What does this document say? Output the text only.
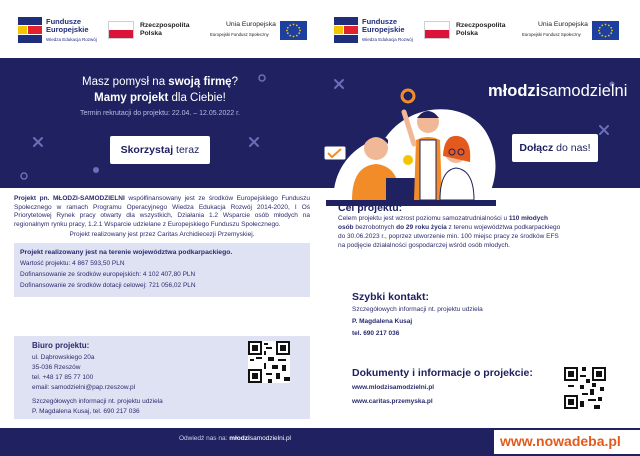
Fundusze Europejskie
Wiedza Edukacja Rozwój
Rzeczpospolita Polska
Unia Europejska
Europejski Fundusz Społeczny
Fundusze Europejskie
Wiedza Edukacja Rozwój
Rzeczpospolita Polska
Unia Europejska
Europejski Fundusz Społeczny
Masz pomysł na swoją firmę?
Mamy projekt dla Ciebie!
Termin rekrutacji do projektu: 22.04. – 12.05.2022 r.
Skorzystaj teraz
młodzisamodzielni
Dołącz do nas!
Projekt pn. MŁODZI-SAMODZIELNI współfinansowany jest ze środków Europejskiego Funduszu Społecznego w ramach Programu Operacyjnego Wiedza Edukacja Rozwój 2014-2020, I Oś Priorytetowej Rynek pracy otwarty dla wszystkich, Działania 1.2 Wsparcie osób młodych na regionalnym rynku pracy, 1.2.1 Wsparcie udzielane z Europejskiego Funduszu Społecznego.
Projekt realizowany jest przez Caritas Archidiecezji Przemyskiej.
Projekt realizowany jest na terenie województwa podkarpackiego.
Wartość projektu: 4 867 593,50 PLN
Dofinansowanie ze środków europejskich: 4 102 407,80 PLN
Dofinansowanie ze środków dotacji celowej: 721 056,02 PLN
Biuro projektu:
ul. Dąbrowskiego 20a
35-036 Rzeszów
tel. +48 17 85 77 100
email: samodzielni@pap.rzeszow.pl
Szczegółowych informacji nt. projektu udziela
P. Magdalena Kusaj, tel. 690 217 036
Cel projektu:
Celem projektu jest wzrost poziomu samozatrudnialności u 110 młodych
osób bezrobotnych do 29 roku życia z terenu województwa podkarpackiego
do 30.06.2023 r., poprzez utworzenie min. 100 miejsc pracy ze środków EFS
na podjęcie działalności gospodarczej wśród osób młodych.
Szybki kontakt:
Szczegółowych informacji nt. projektu udziela
P. Magdalena Kusaj
tel. 690 217 036
Dokumenty i informacje o projekcie:
www.mlodzisamodzielni.pl
www.caritas.przemyska.pl
Odwiedź nas na: młodzisamodzielni.pl	www.nowadeba.pl
